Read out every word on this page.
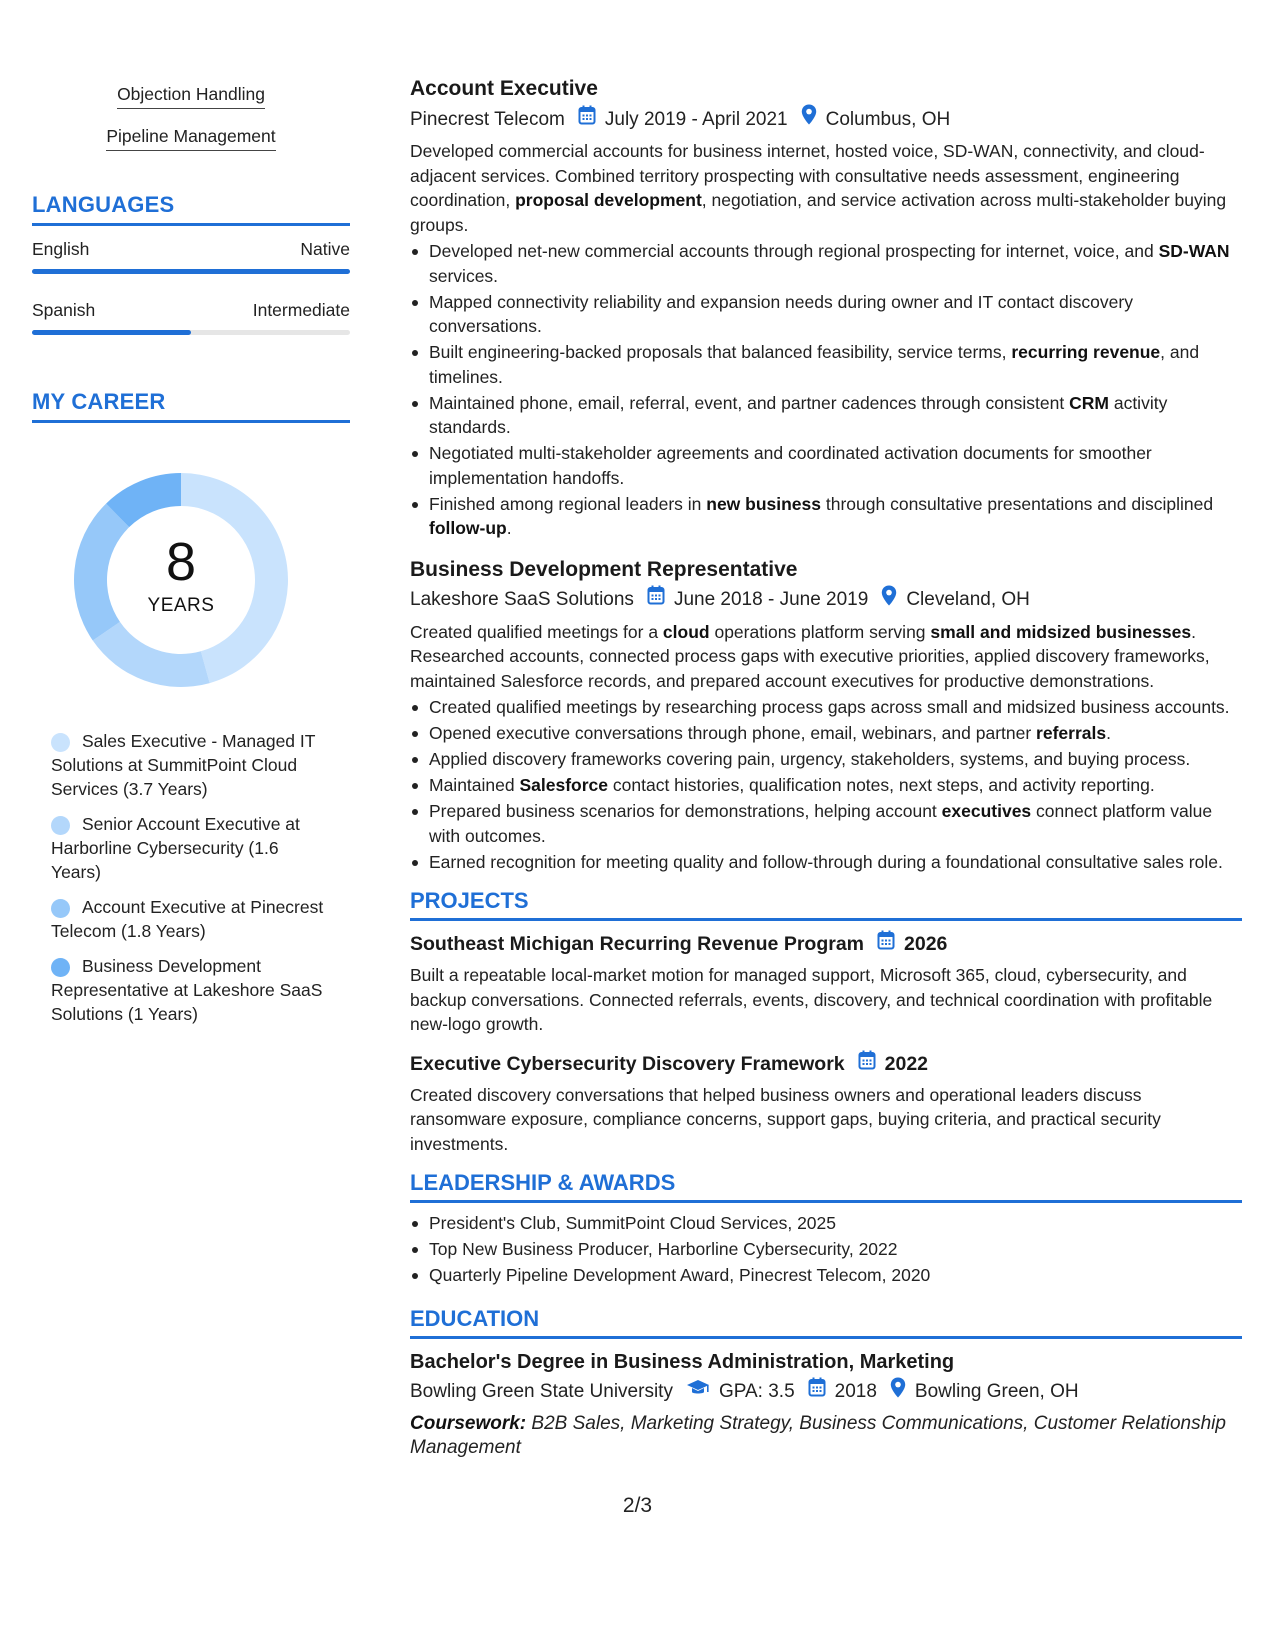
Objection Handling
Pipeline Management
LANGUAGES
English	Native
Spanish	Intermediate
MY CAREER
8
YEARS
Sales Executive - Managed IT Solutions at SummitPoint Cloud Services (3.7 Years)
Senior Account Executive at Harborline Cybersecurity (1.6 Years)
Account Executive at Pinecrest Telecom (1.8 Years)
Business Development Representative at Lakeshore SaaS Solutions (1 Years)
Account Executive
Pinecrest Telecom July 2019 - April 2021 Columbus, OH
Developed commercial accounts for business internet, hosted voice, SD-WAN, connectivity, and cloud-adjacent services. Combined territory prospecting with consultative needs assessment, engineering coordination, proposal development, negotiation, and service activation across multi-stakeholder buying groups.
Developed net-new commercial accounts through regional prospecting for internet, voice, and SD-WAN services.
Mapped connectivity reliability and expansion needs during owner and IT contact discovery conversations.
Built engineering-backed proposals that balanced feasibility, service terms, recurring revenue, and timelines.
Maintained phone, email, referral, event, and partner cadences through consistent CRM activity standards.
Negotiated multi-stakeholder agreements and coordinated activation documents for smoother implementation handoffs.
Finished among regional leaders in new business through consultative presentations and disciplined follow-up.
Business Development Representative
Lakeshore SaaS Solutions June 2018 - June 2019 Cleveland, OH
Created qualified meetings for a cloud operations platform serving small and midsized businesses. Researched accounts, connected process gaps with executive priorities, applied discovery frameworks, maintained Salesforce records, and prepared account executives for productive demonstrations.
Created qualified meetings by researching process gaps across small and midsized business accounts.
Opened executive conversations through phone, email, webinars, and partner referrals.
Applied discovery frameworks covering pain, urgency, stakeholders, systems, and buying process.
Maintained Salesforce contact histories, qualification notes, next steps, and activity reporting.
Prepared business scenarios for demonstrations, helping account executives connect platform value with outcomes.
Earned recognition for meeting quality and follow-through during a foundational consultative sales role.
PROJECTS
Southeast Michigan Recurring Revenue Program 2026
Built a repeatable local-market motion for managed support, Microsoft 365, cloud, cybersecurity, and backup conversations. Connected referrals, events, discovery, and technical coordination with profitable new-logo growth.
Executive Cybersecurity Discovery Framework 2022
Created discovery conversations that helped business owners and operational leaders discuss ransomware exposure, compliance concerns, support gaps, buying criteria, and practical security investments.
LEADERSHIP & AWARDS
President's Club, SummitPoint Cloud Services, 2025
Top New Business Producer, Harborline Cybersecurity, 2022
Quarterly Pipeline Development Award, Pinecrest Telecom, 2020
EDUCATION
Bachelor's Degree in Business Administration, Marketing
Bowling Green State University GPA: 3.5 2018 Bowling Green, OH
Coursework: B2B Sales, Marketing Strategy, Business Communications, Customer Relationship Management
2/3
